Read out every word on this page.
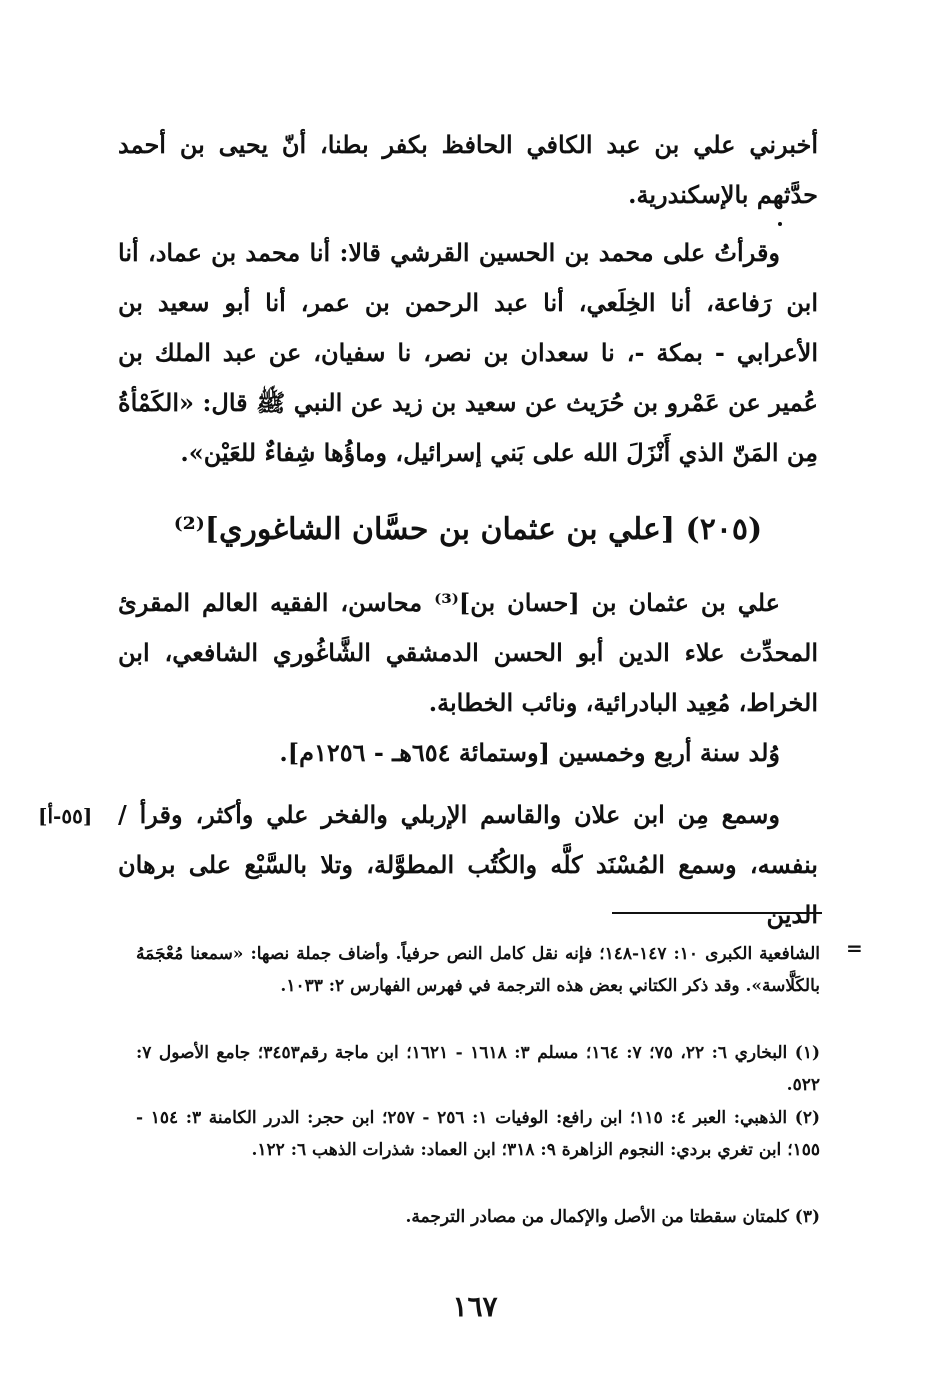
أخبرني علي بن عبد الكافي الحافظ بكفر بطنا، أنّ يحيى بن أحمد حدَّثهم بالإسكندرية.

وقرأتُ على محمد بن الحسين القرشي قالا: أنا محمد بن عماد، أنا ابن رَفاعة، أنا الخِلَعي، أنا عبد الرحمن بن عمر، أنا أبو سعيد بن الأعرابي - بمكة -، نا سعدان بن نصر، نا سفيان، عن عبد الملك بن عُمير عن عَمْرو بن حُرَيث عن سعيد بن زيد عن النبي ﷺ قال: «الكَمْأةُ مِن المَنّ الذي أَنْزَلَ الله على بَني إسرائيل، وماؤُها شِفاءٌ للعَيْن».

(٢٠٥) [علي بن عثمان بن حسَّان الشاغوري]⁽²⁾

علي بن عثمان بن [حسان بن]⁽³⁾ محاسن، الفقيه العالم المقرئ المحدِّث علاء الدين أبو الحسن الدمشقي الشَّاغُوري الشافعي، ابن الخراط، مُعِيد البادرائية، ونائب الخطابة.

وُلد سنة أربع وخمسين [وستمائة ٦٥٤هـ - ١٢٥٦م].

وسمع مِن ابن علان والقاسم الإربلي والفخر علي وأكثر، وقرأ / بنفسه، وسمع المُسْنَد كلَّه والكُتُب المطوَّلة، وتلا بالسَّبْع على برهان الدين

[٥٥-أ]
=

الشافعية الكبرى ١٠: ١٤٧-١٤٨؛ فإنه نقل كامل النص حرفياً. وأضاف جملة نصها: «سمعنا مُعْجَمَهُ بالكَلَّاسة». وقد ذكر الكتاني بعض هذه الترجمة في فهرس الفهارس ٢: ١٠٣٣.

(١) البخاري ٦: ٢٢، ٧٥؛ ٧: ١٦٤؛ مسلم ٣: ١٦١٨ - ١٦٢١؛ ابن ماجة رقم٣٤٥٣؛ جامع الأصول ٧: ٥٢٢.

(٢) الذهبي: العبر ٤: ١١٥؛ ابن رافع: الوفيات ١: ٢٥٦ - ٢٥٧؛ ابن حجر: الدرر الكامنة ٣: ١٥٤ - ١٥٥؛ ابن تغري بردي: النجوم الزاهرة ٩: ٣١٨؛ ابن العماد: شذرات الذهب ٦: ١٢٢.

(٣) كلمتان سقطتا من الأصل والإكمال من مصادر الترجمة.

١٦٧
